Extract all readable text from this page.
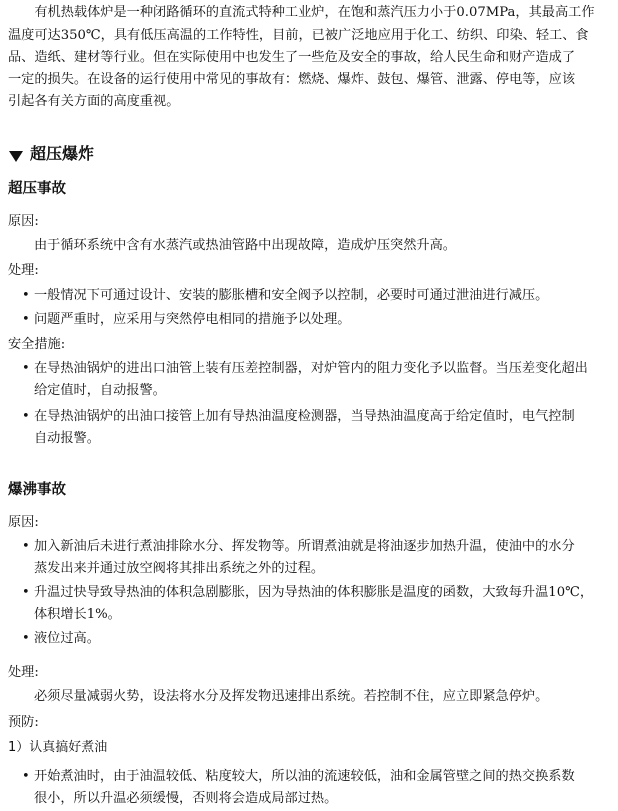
　　有机热载体炉是一种闭路循环的直流式特种工业炉，在饱和蒸汽压力小于0.07MPa，其最高工作
温度可达350℃，具有低压高温的工作特性，目前，已被广泛地应用于化工、纺织、印染、轻工、食
品、造纸、建材等行业。但在实际使用中也发生了一些危及安全的事故，给人民生命和财产造成了
一定的损失。在设备的运行使用中常见的事故有：燃烧、爆炸、鼓包、爆管、泄露、停电等，应该
引起各有关方面的高度重视。
超压爆炸
超压事故
原因:
由于循环系统中含有水蒸汽或热油管路中出现故障，造成炉压突然升高。
处理:
• 一般情况下可通过设计、安装的膨胀槽和安全阀予以控制，必要时可通过泄油进行减压。
• 问题严重时，应采用与突然停电相同的措施予以处理。
安全措施:
• 在导热油锅炉的进出口油管上装有压差控制器，对炉管内的阻力变化予以监督。当压差变化超出
给定值时，自动报警。
• 在导热油锅炉的出油口接管上加有导热油温度检测器，当导热油温度高于给定值时，电气控制
自动报警。
爆沸事故
原因:
• 加入新油后未进行煮油排除水分、挥发物等。所谓煮油就是将油逐步加热升温，使油中的水分
蒸发出来并通过放空阀将其排出系统之外的过程。
• 升温过快导致导热油的体积急剧膨胀，因为导热油的体积膨胀是温度的函数，大致每升温10℃，
体积增长1%。
• 液位过高。
处理:
必须尽量减弱火势，设法将水分及挥发物迅速排出系统。若控制不住，应立即紧急停炉。
预防:
1）认真搞好煮油
• 开始煮油时，由于油温较低、粘度较大，所以油的流速较低，油和金属管壁之间的热交换系数
很小，所以升温必须缓慢，否则将会造成局部过热。
